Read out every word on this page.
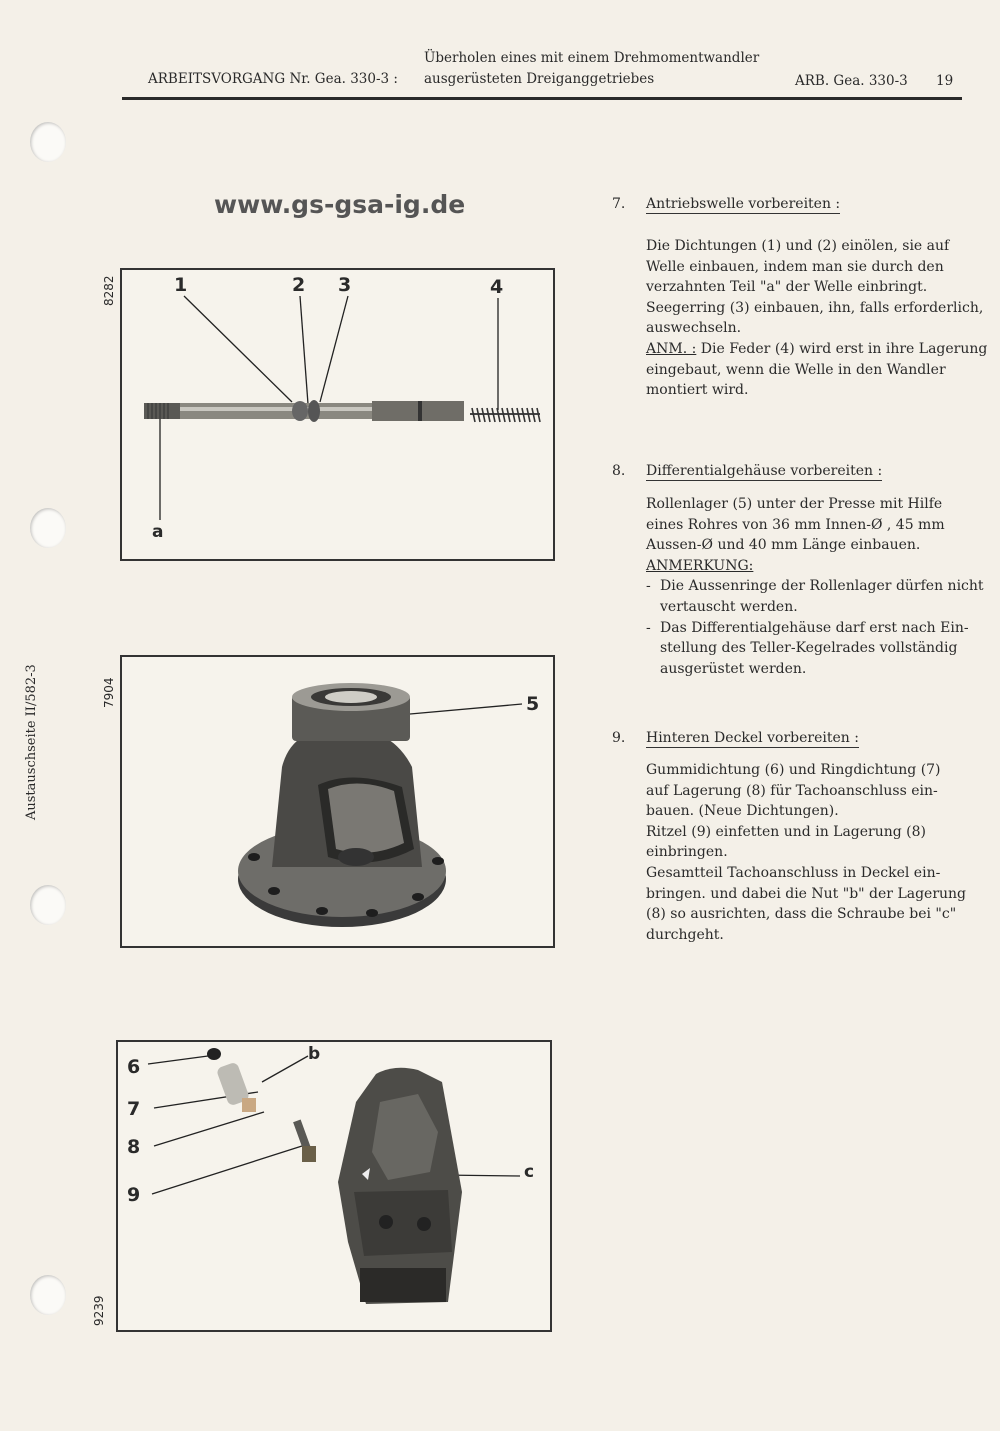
ARBEITSVORGANG Nr. Gea. 330-3 :
Überholen eines mit einem Drehmomentwandler
ausgerüsteten Dreiganggetriebes	ARB. Gea. 330-3 19
www.gs-gsa-ig.de
Austauschseite II/582-3
8282	1	2 3	4
a
7904	5
9239
6
7
8
9
b
c
7. Antriebswelle vorbereiten :
Die Dichtungen (1) und (2) einölen, sie auf
Welle einbauen, indem man sie durch den
verzahnten Teil "a" der Welle einbringt.
Seegerring (3) einbauen, ihn, falls erforderlich,
auswechseln.
ANM. : Die Feder (4) wird erst in ihre Lagerung
eingebaut, wenn die Welle in den Wandler
montiert wird.
8. Differentialgehäuse vorbereiten :
Rollenlager (5) unter der Presse mit Hilfe
eines Rohres von 36 mm Innen-Ø , 45 mm
Aussen-Ø und 40 mm Länge einbauen.
ANMERKUNG:
- Die Aussenringe der Rollenlager dürfen nicht
vertauscht werden.
- Das Differentialgehäuse darf erst nach Ein-
stellung des Teller-Kegelrades vollständig
ausgerüstet werden.
9. Hinteren Deckel vorbereiten :
Gummidichtung (6) und Ringdichtung (7)
auf Lagerung (8) für Tachoanschluss ein-
bauen. (Neue Dichtungen).
Ritzel (9) einfetten und in Lagerung (8)
einbringen.
Gesamtteil Tachoanschluss in Deckel ein-
bringen. und dabei die Nut "b" der Lagerung
(8) so ausrichten, dass die Schraube bei "c"
durchgeht.
